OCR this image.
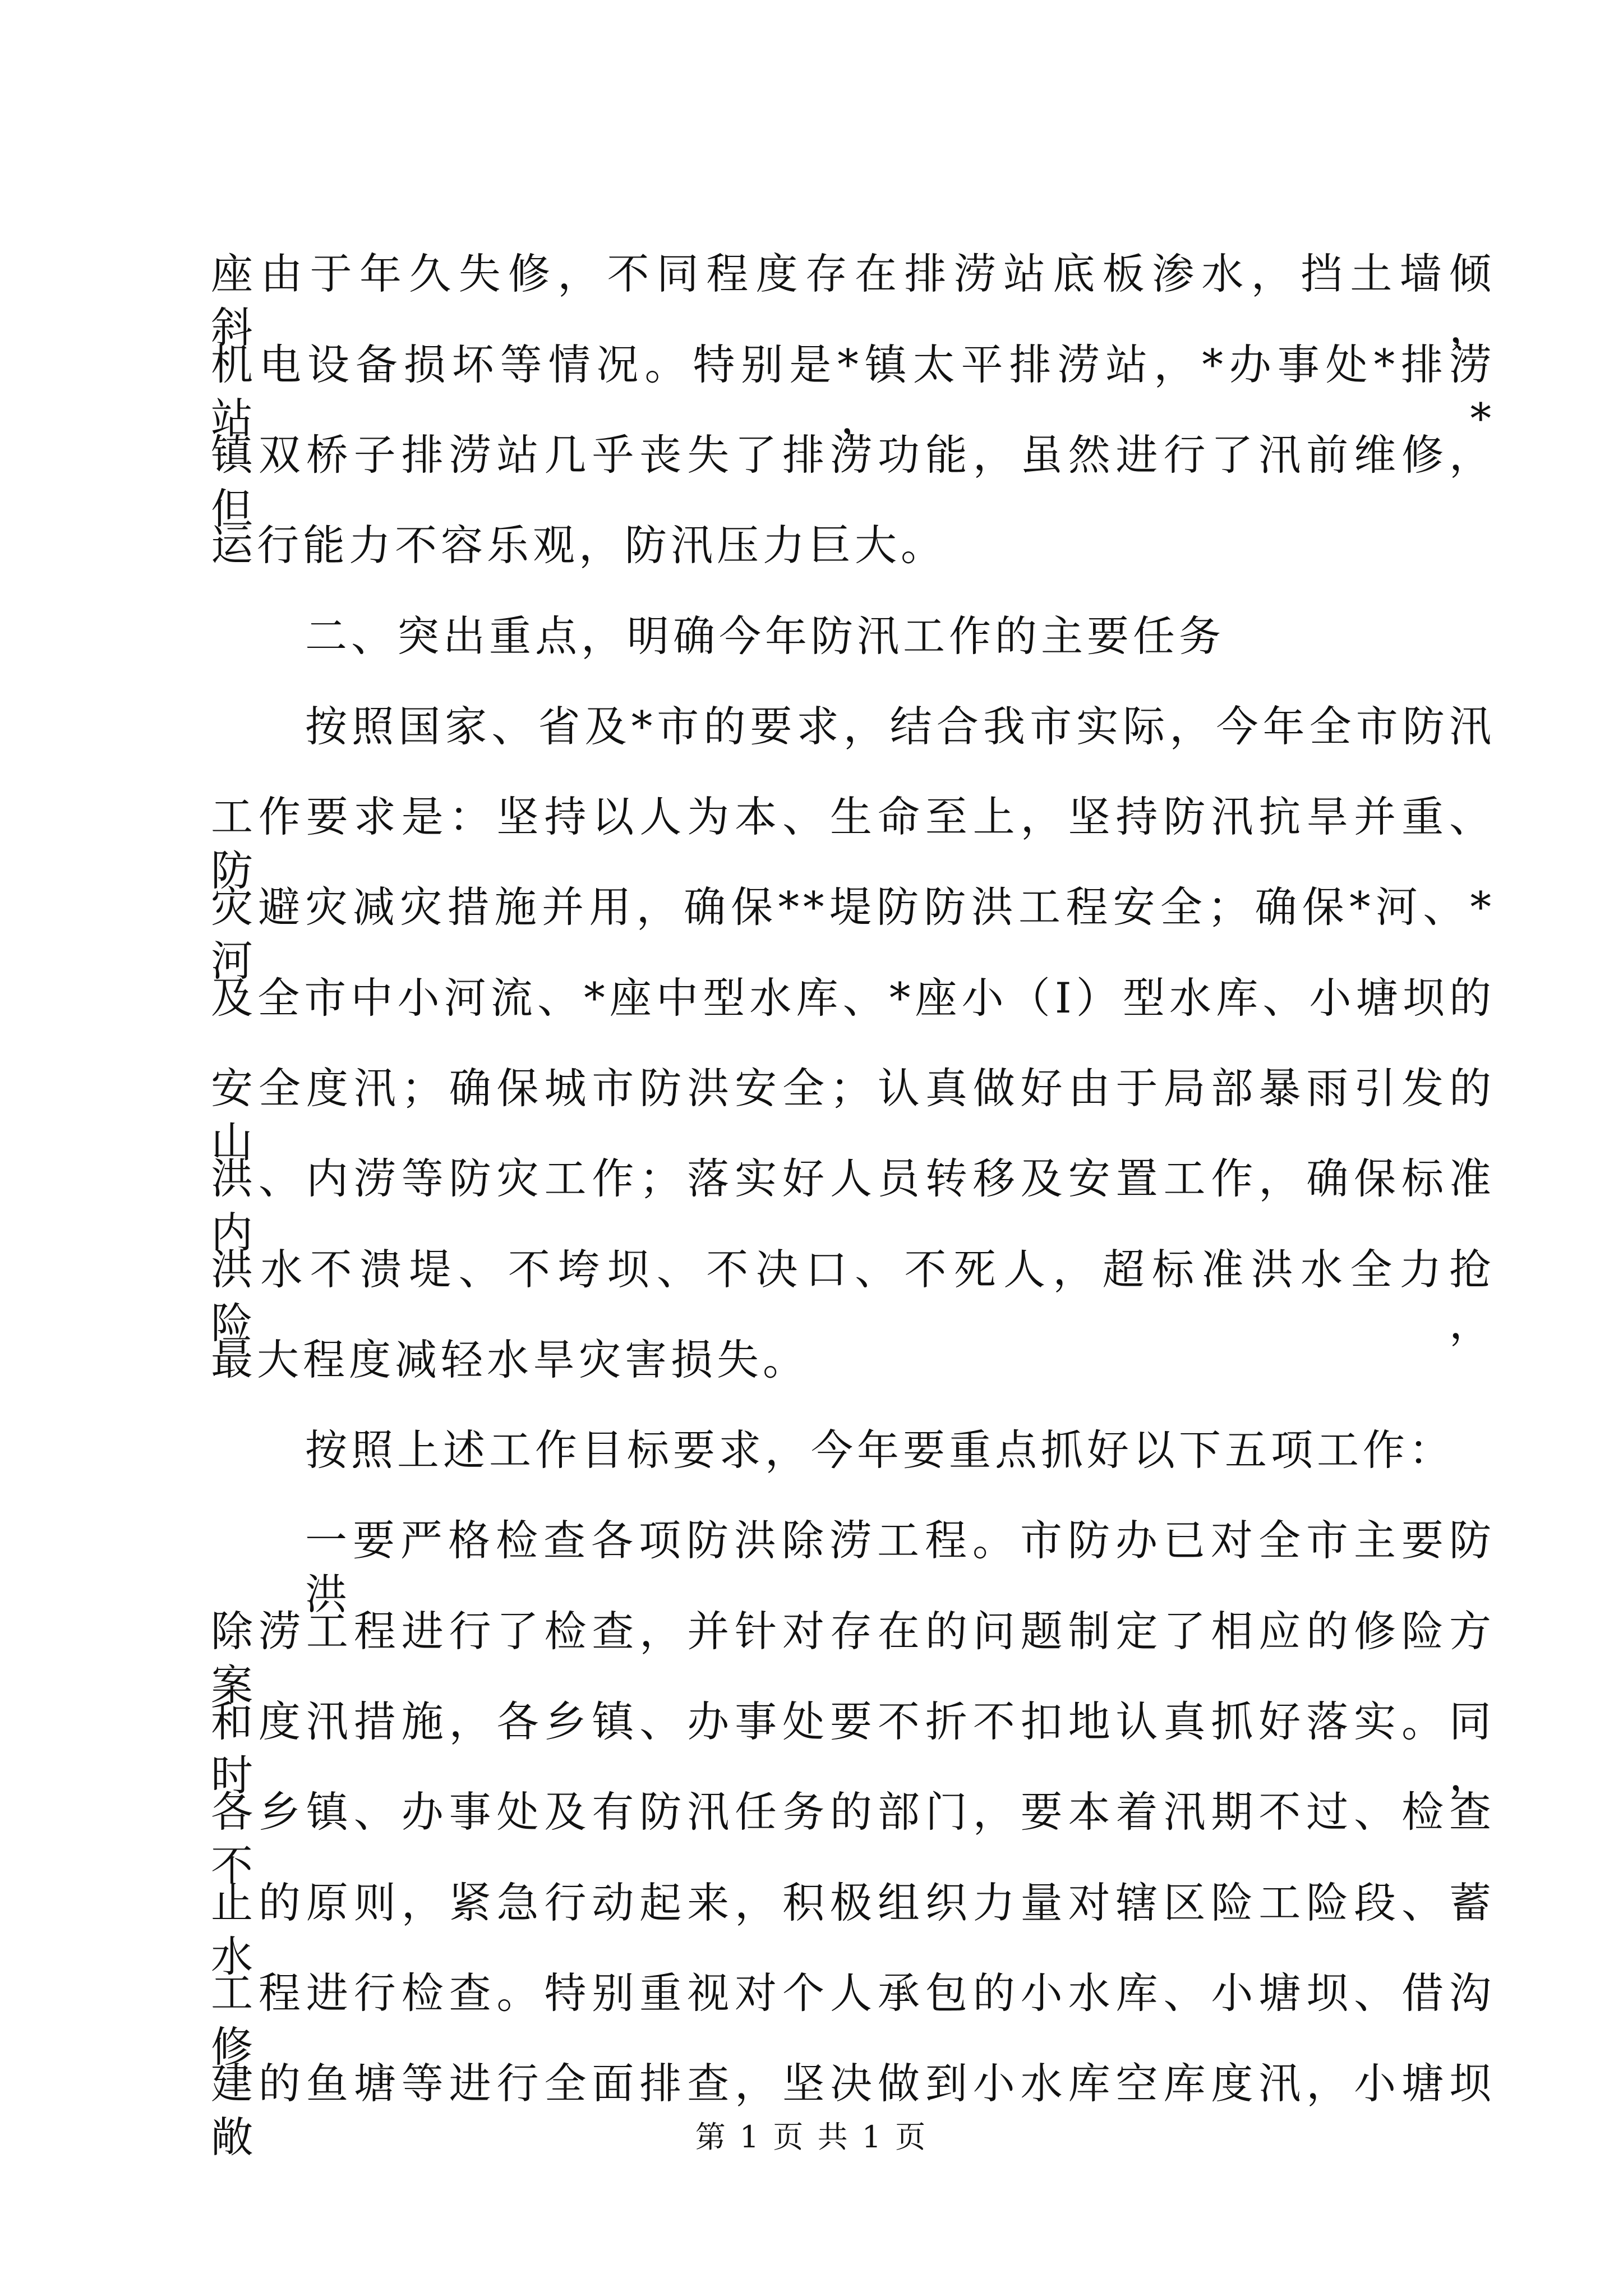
座由于年久失修，不同程度存在排涝站底板渗水，挡土墙倾斜，
机电设备损坏等情况。特别是*镇太平排涝站，*办事处*排涝站，*
镇双桥子排涝站几乎丧失了排涝功能，虽然进行了汛前维修，但
运行能力不容乐观，防汛压力巨大。
二、突出重点，明确今年防汛工作的主要任务
按照国家、省及*市的要求，结合我市实际，今年全市防汛
工作要求是：坚持以人为本、生命至上，坚持防汛抗旱并重、防
灾避灾减灾措施并用，确保**堤防防洪工程安全；确保*河、*河
及全市中小河流、*座中型水库、*座小（Ⅰ）型水库、小塘坝的
安全度汛；确保城市防洪安全；认真做好由于局部暴雨引发的山
洪、内涝等防灾工作；落实好人员转移及安置工作，确保标准内
洪水不溃堤、不垮坝、不决口、不死人，超标准洪水全力抢险，
最大程度减轻水旱灾害损失。
按照上述工作目标要求，今年要重点抓好以下五项工作：
一要严格检查各项防洪除涝工程。市防办已对全市主要防洪
除涝工程进行了检查，并针对存在的问题制定了相应的修险方案
和度汛措施，各乡镇、办事处要不折不扣地认真抓好落实。同时，
各乡镇、办事处及有防汛任务的部门，要本着汛期不过、检查不
止的原则，紧急行动起来，积极组织力量对辖区险工险段、蓄水
工程进行检查。特别重视对个人承包的小水库、小塘坝、借沟修
建的鱼塘等进行全面排查，坚决做到小水库空库度汛，小塘坝敞	第 1 页 共 1 页
